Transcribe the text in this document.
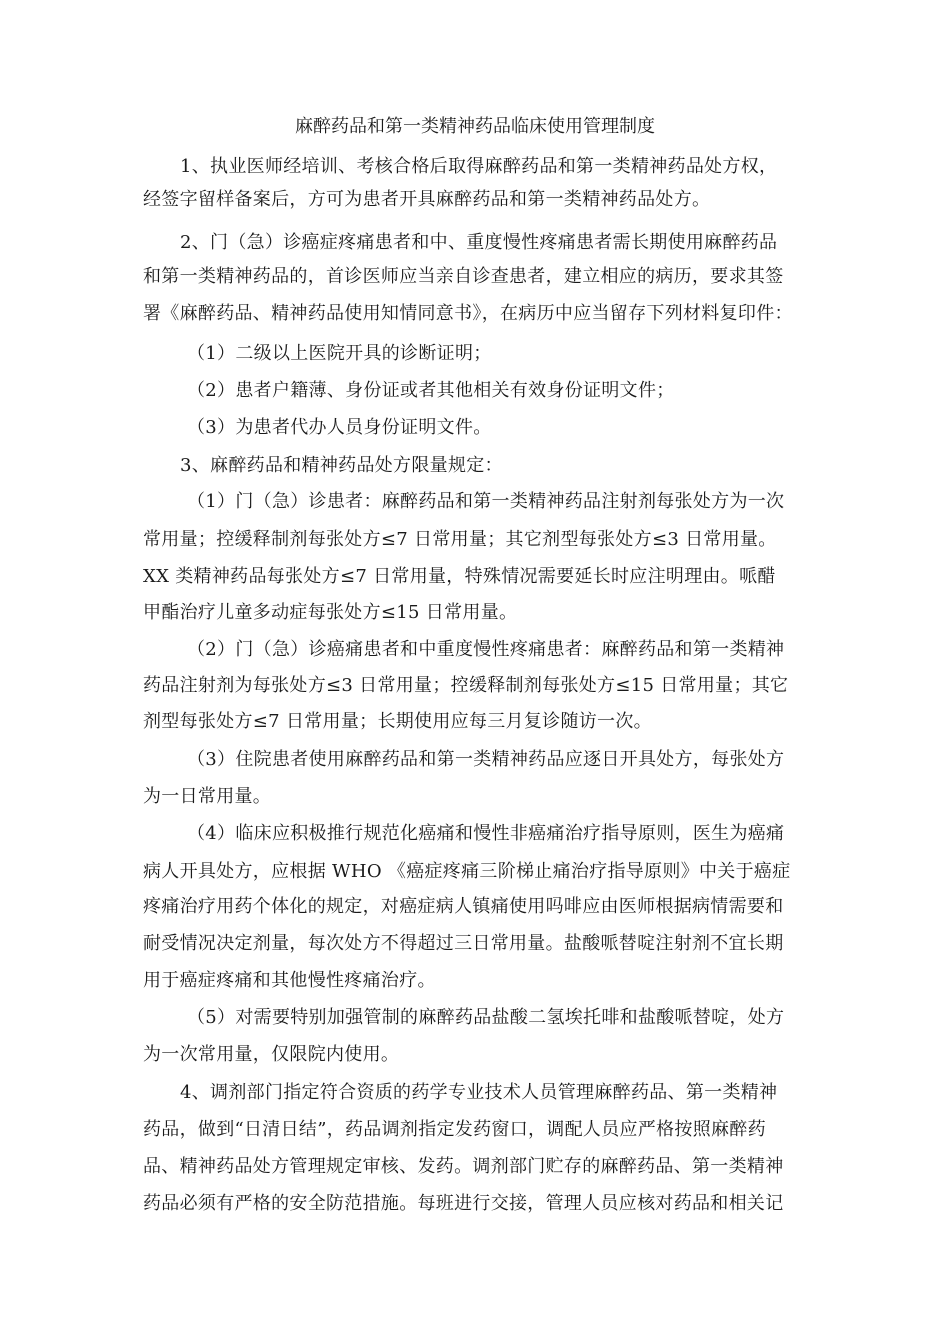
麻醉药品和第一类精神药品临床使用管理制度
1、执业医师经培训、考核合格后取得麻醉药品和第一类精神药品处方权，
经签字留样备案后，方可为患者开具麻醉药品和第一类精神药品处方。
2、门（急）诊癌症疼痛患者和中、重度慢性疼痛患者需长期使用麻醉药品
和第一类精神药品的，首诊医师应当亲自诊查患者，建立相应的病历，要求其签
署《麻醉药品、精神药品使用知情同意书》，在病历中应当留存下列材料复印件：
（1）二级以上医院开具的诊断证明；
（2）患者户籍薄、身份证或者其他相关有效身份证明文件；
（3）为患者代办人员身份证明文件。
3、麻醉药品和精神药品处方限量规定：
（1）门（急）诊患者：麻醉药品和第一类精神药品注射剂每张处方为一次
常用量；控缓释制剂每张处方≤7 日常用量；其它剂型每张处方≤3 日常用量。
XX 类精神药品每张处方≤7 日常用量，特殊情况需要延长时应注明理由。哌醋
甲酯治疗儿童多动症每张处方≤15 日常用量。
（2）门（急）诊癌痛患者和中重度慢性疼痛患者：麻醉药品和第一类精神
药品注射剂为每张处方≤3 日常用量；控缓释制剂每张处方≤15 日常用量；其它
剂型每张处方≤7 日常用量；长期使用应每三月复诊随访一次。
（3）住院患者使用麻醉药品和第一类精神药品应逐日开具处方，每张处方
为一日常用量。
（4）临床应积极推行规范化癌痛和慢性非癌痛治疗指导原则，医生为癌痛
病人开具处方，应根据 WHO 《癌症疼痛三阶梯止痛治疗指导原则》中关于癌症
疼痛治疗用药个体化的规定，对癌症病人镇痛使用吗啡应由医师根据病情需要和
耐受情况决定剂量，每次处方不得超过三日常用量。盐酸哌替啶注射剂不宜长期
用于癌症疼痛和其他慢性疼痛治疗。
（5）对需要特别加强管制的麻醉药品盐酸二氢埃托啡和盐酸哌替啶，处方
为一次常用量，仅限院内使用。
4、调剂部门指定符合资质的药学专业技术人员管理麻醉药品、第一类精神
药品，做到“日清日结”，药品调剂指定发药窗口，调配人员应严格按照麻醉药
品、精神药品处方管理规定审核、发药。调剂部门贮存的麻醉药品、第一类精神
药品必须有严格的安全防范措施。每班进行交接，管理人员应核对药品和相关记
